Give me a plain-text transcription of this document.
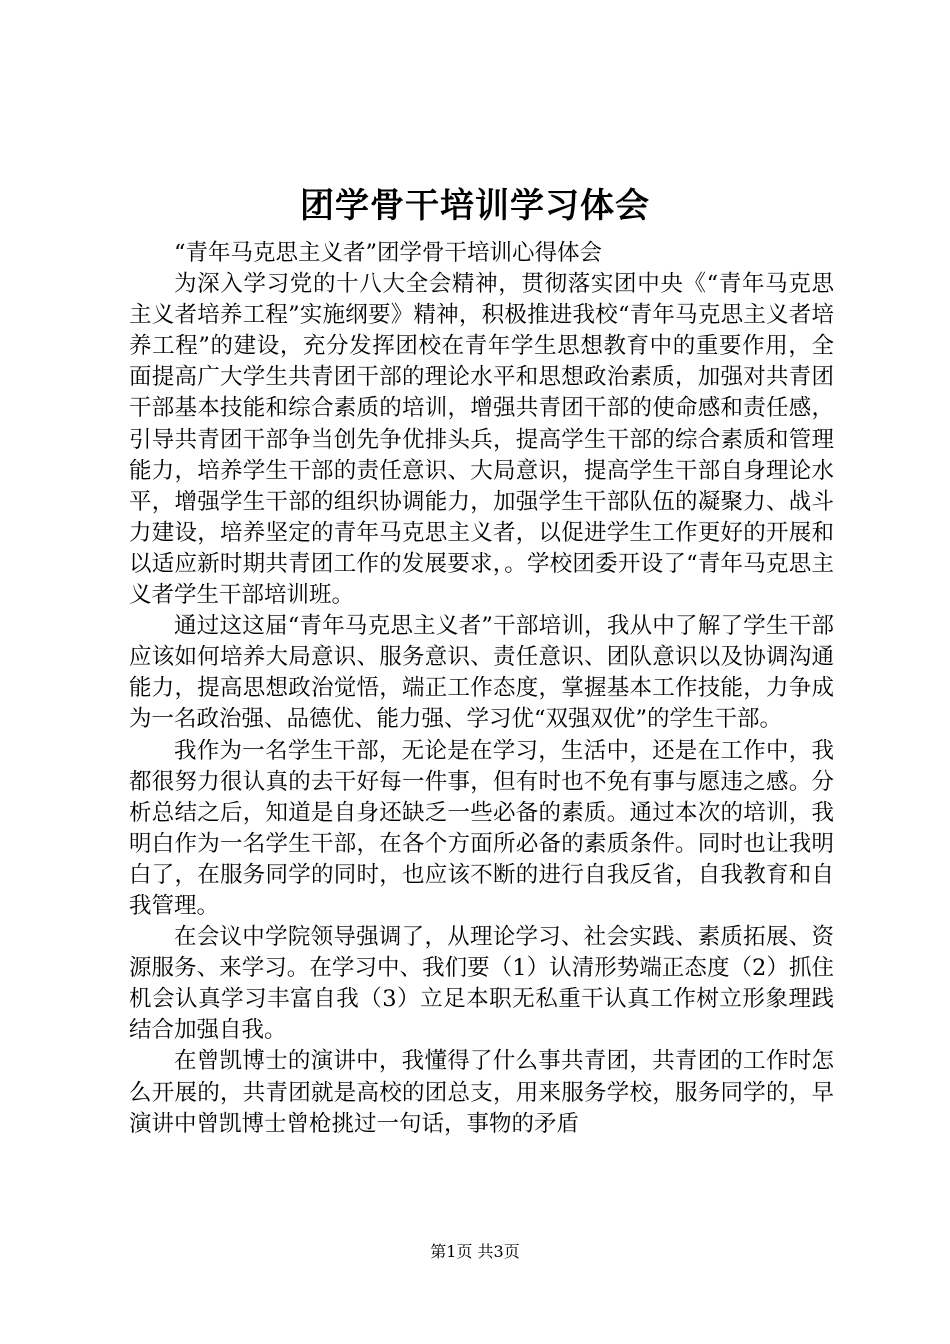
团学骨干培训学习体会

“青年马克思主义者”团学骨干培训心得体会

为深入学习党的十八大全会精神，贯彻落实团中央《“青年马克思主义者培养工程”实施纲要》精神，积极推进我校“青年马克思主义者培养工程”的建设，充分发挥团校在青年学生思想教育中的重要作用，全面提高广大学生共青团干部的理论水平和思想政治素质，加强对共青团干部基本技能和综合素质的培训，增强共青团干部的使命感和责任感，引导共青团干部争当创先争优排头兵，提高学生干部的综合素质和管理能力，培养学生干部的责任意识、大局意识，提高学生干部自身理论水平，增强学生干部的组织协调能力，加强学生干部队伍的凝聚力、战斗力建设，培养坚定的青年马克思主义者，以促进学生工作更好的开展和以适应新时期共青团工作的发展要求，。学校团委开设了“青年马克思主义者学生干部培训班。

通过这这届“青年马克思主义者”干部培训，我从中了解了学生干部应该如何培养大局意识、服务意识、责任意识、团队意识以及协调沟通能力，提高思想政治觉悟，端正工作态度，掌握基本工作技能，力争成为一名政治强、品德优、能力强、学习优“双强双优”的学生干部。

我作为一名学生干部，无论是在学习，生活中，还是在工作中，我都很努力很认真的去干好每一件事，但有时也不免有事与愿违之感。分析总结之后，知道是自身还缺乏一些必备的素质。通过本次的培训，我明白作为一名学生干部，在各个方面所必备的素质条件。同时也让我明白了，在服务同学的同时，也应该不断的进行自我反省，自我教育和自我管理。

在会议中学院领导强调了，从理论学习、社会实践、素质拓展、资源服务、来学习。在学习中、我们要（1）认清形势端正态度（2）抓住机会认真学习丰富自我（3）立足本职无私重干认真工作树立形象理践结合加强自我。

在曾凯博士的演讲中，我懂得了什么事共青团，共青团的工作时怎么开展的，共青团就是高校的团总支，用来服务学校，服务同学的，早演讲中曾凯博士曾枪挑过一句话，事物的矛盾

第1页 共3页
